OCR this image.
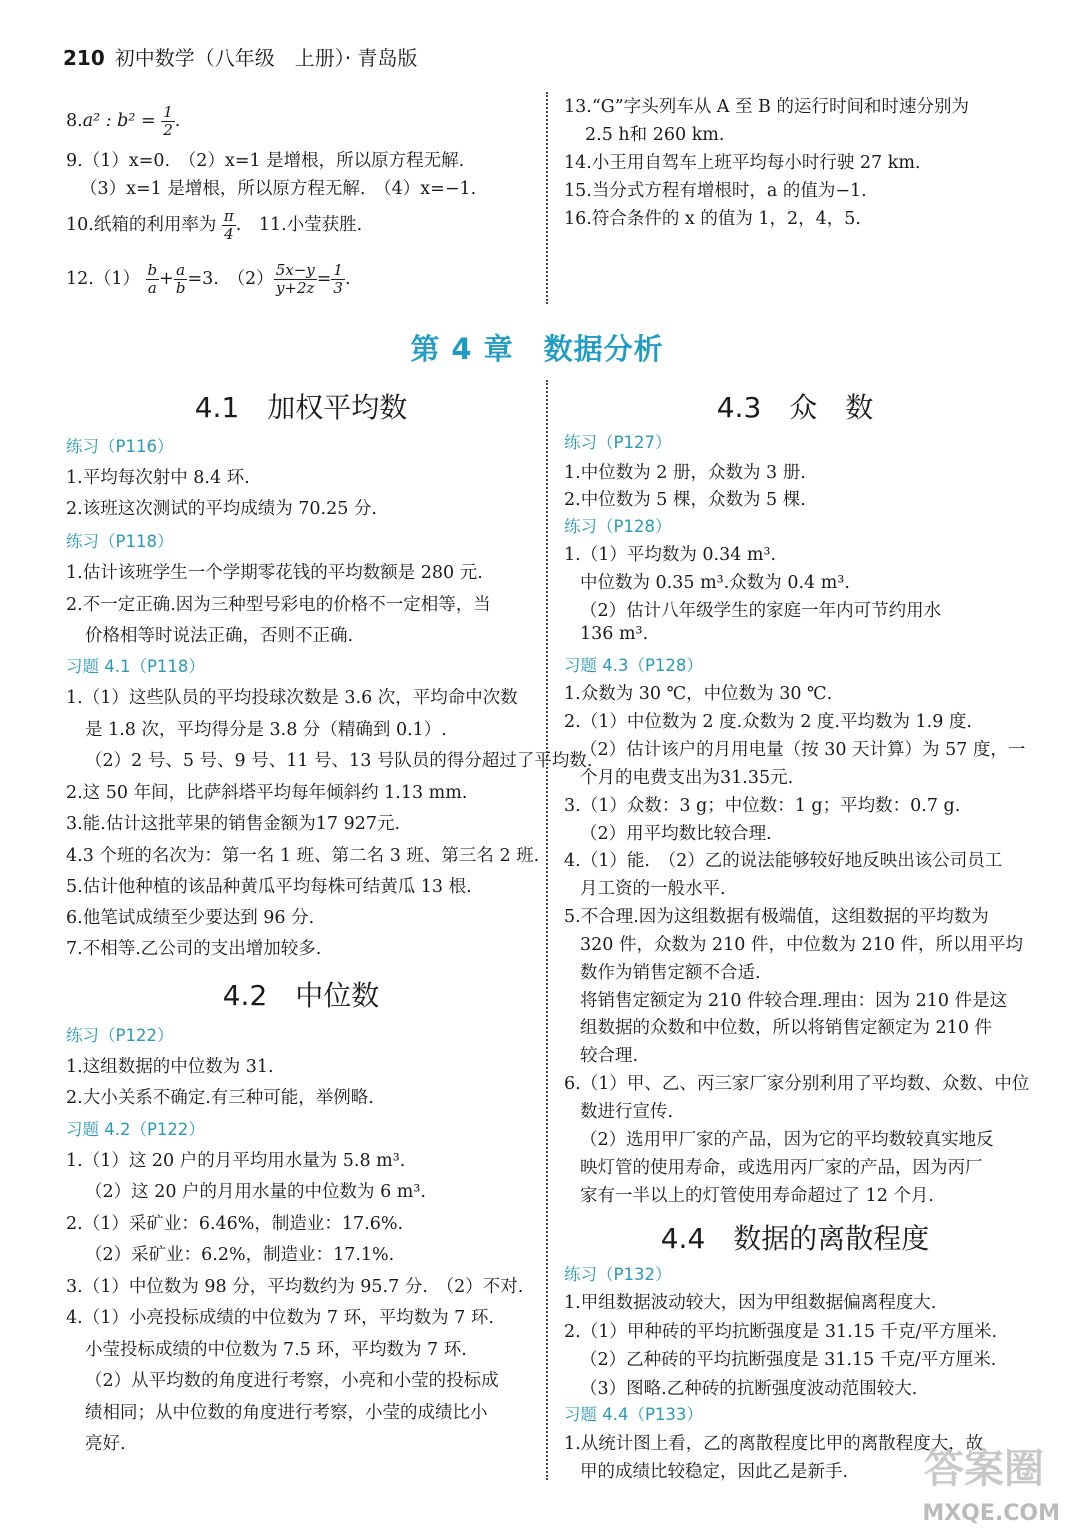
210 初中数学（八年级　上册）· 青岛版
8.a² : $b^2 = \frac{1}{2}$ .
9.（1）x=0.　（2）x=1 是增根，所以原方程无解.
（3）x=1 是增根，所以原方程无解.　（4）x=−1.
10.纸箱的利用率为 $\frac{\pi}{4}$ .　11.小莹获胜.
$12.(1) \frac{b}{a} + \frac{a}{b} =3$.　$(2) \frac{5x-y}{y+2z} = \frac{1}{3}$ .
13.“G”字头列车从 A 至 B 的运行时间和时速分别为
2.5 h和 260 km.
14.小王用自驾车上班平均每小时行驶 27 km.
15.当分式方程有增根时，a 的值为−1.
16.符合条件的 x 的值为 1，2，4，5.
第 4 章　数据分析
4.1　加权平均数
练习（P116）
1.平均每次射中 8.4 环.
2.该班这次测试的平均成绩为 70.25 分.
练习（P118）
1.估计该班学生一个学期零花钱的平均数额是 280 元.
2.不一定正确.因为三种型号彩电的价格不一定相等，当
价格相等时说法正确，否则不正确.
习题 4.1（P118）
1.（1）这些队员的平均投球次数是 3.6 次，平均命中次数
是 1.8 次，平均得分是 3.8 分（精确到 0.1）.
（2）2 号、5 号、9 号、11 号、13 号队员的得分超过了平均数.
2.这 50 年间，比萨斜塔平均每年倾斜约 1.13 mm.
3.能.估计这批苹果的销售金额为17 927元.
4.3 个班的名次为：第一名 1 班、第二名 3 班、第三名 2 班.
5.估计他种植的该品种黄瓜平均每株可结黄瓜 13 根.
6.他笔试成绩至少要达到 96 分.
7.不相等.乙公司的支出增加较多.
4.2　中位数
练习（P122）
1.这组数据的中位数为 31.
2.大小关系不确定.有三种可能，举例略.
习题 4.2（P122）
1.（1）这 20 户的月平均用水量为 5.8 m³.
（2）这 20 户的月用水量的中位数为 6 m³.
2.（1）采矿业：6.46%，制造业：17.6%.
（2）采矿业：6.2%，制造业：17.1%.
3.（1）中位数为 98 分，平均数约为 95.7 分.　（2）不对.
4.（1）小亮投标成绩的中位数为 7 环，平均数为 7 环.
小莹投标成绩的中位数为 7.5 环，平均数为 7 环.
（2）从平均数的角度进行考察，小亮和小莹的投标成
绩相同；从中位数的角度进行考察，小莹的成绩比小
亮好.
4.3　众　数
练习（P127）
1.中位数为 2 册，众数为 3 册.
2.中位数为 5 棵，众数为 5 棵.
练习（P128）
1.（1）平均数为 0.34 m³.
中位数为 0.35 m³.众数为 0.4 m³.
（2）估计八年级学生的家庭一年内可节约用水
136 m³.
习题 4.3（P128）
1.众数为 30 ℃，中位数为 30 ℃.
2.（1）中位数为 2 度.众数为 2 度.平均数为 1.9 度.
（2）估计该户的月用电量（按 30 天计算）为 57 度，一
个月的电费支出为31.35元.
3.（1）众数：3 g；中位数：1 g；平均数：0.7 g.
（2）用平均数比较合理.
4.（1）能.　（2）乙的说法能够较好地反映出该公司员工
月工资的一般水平.
5.不合理.因为这组数据有极端值，这组数据的平均数为
320 件，众数为 210 件，中位数为 210 件，所以用平均
数作为销售定额不合适.
将销售定额定为 210 件较合理.理由：因为 210 件是这
组数据的众数和中位数，所以将销售定额定为 210 件
较合理.
6.（1）甲、乙、丙三家厂家分别利用了平均数、众数、中位
数进行宣传.
（2）选用甲厂家的产品，因为它的平均数较真实地反
映灯管的使用寿命，或选用丙厂家的产品，因为丙厂
家有一半以上的灯管使用寿命超过了 12 个月.
4.4　数据的离散程度
练习（P132）
1.甲组数据波动较大，因为甲组数据偏离程度大.
2.（1）甲种砖的平均抗断强度是 31.15 千克/平方厘米.
（2）乙种砖的平均抗断强度是 31.15 千克/平方厘米.
（3）图略.乙种砖的抗断强度波动范围较大.
习题 4.4（P133）
1.从统计图上看，乙的离散程度比甲的离散程度大，故
甲的成绩比较稳定，因此乙是新手. 答案圈
MXQE.COM
